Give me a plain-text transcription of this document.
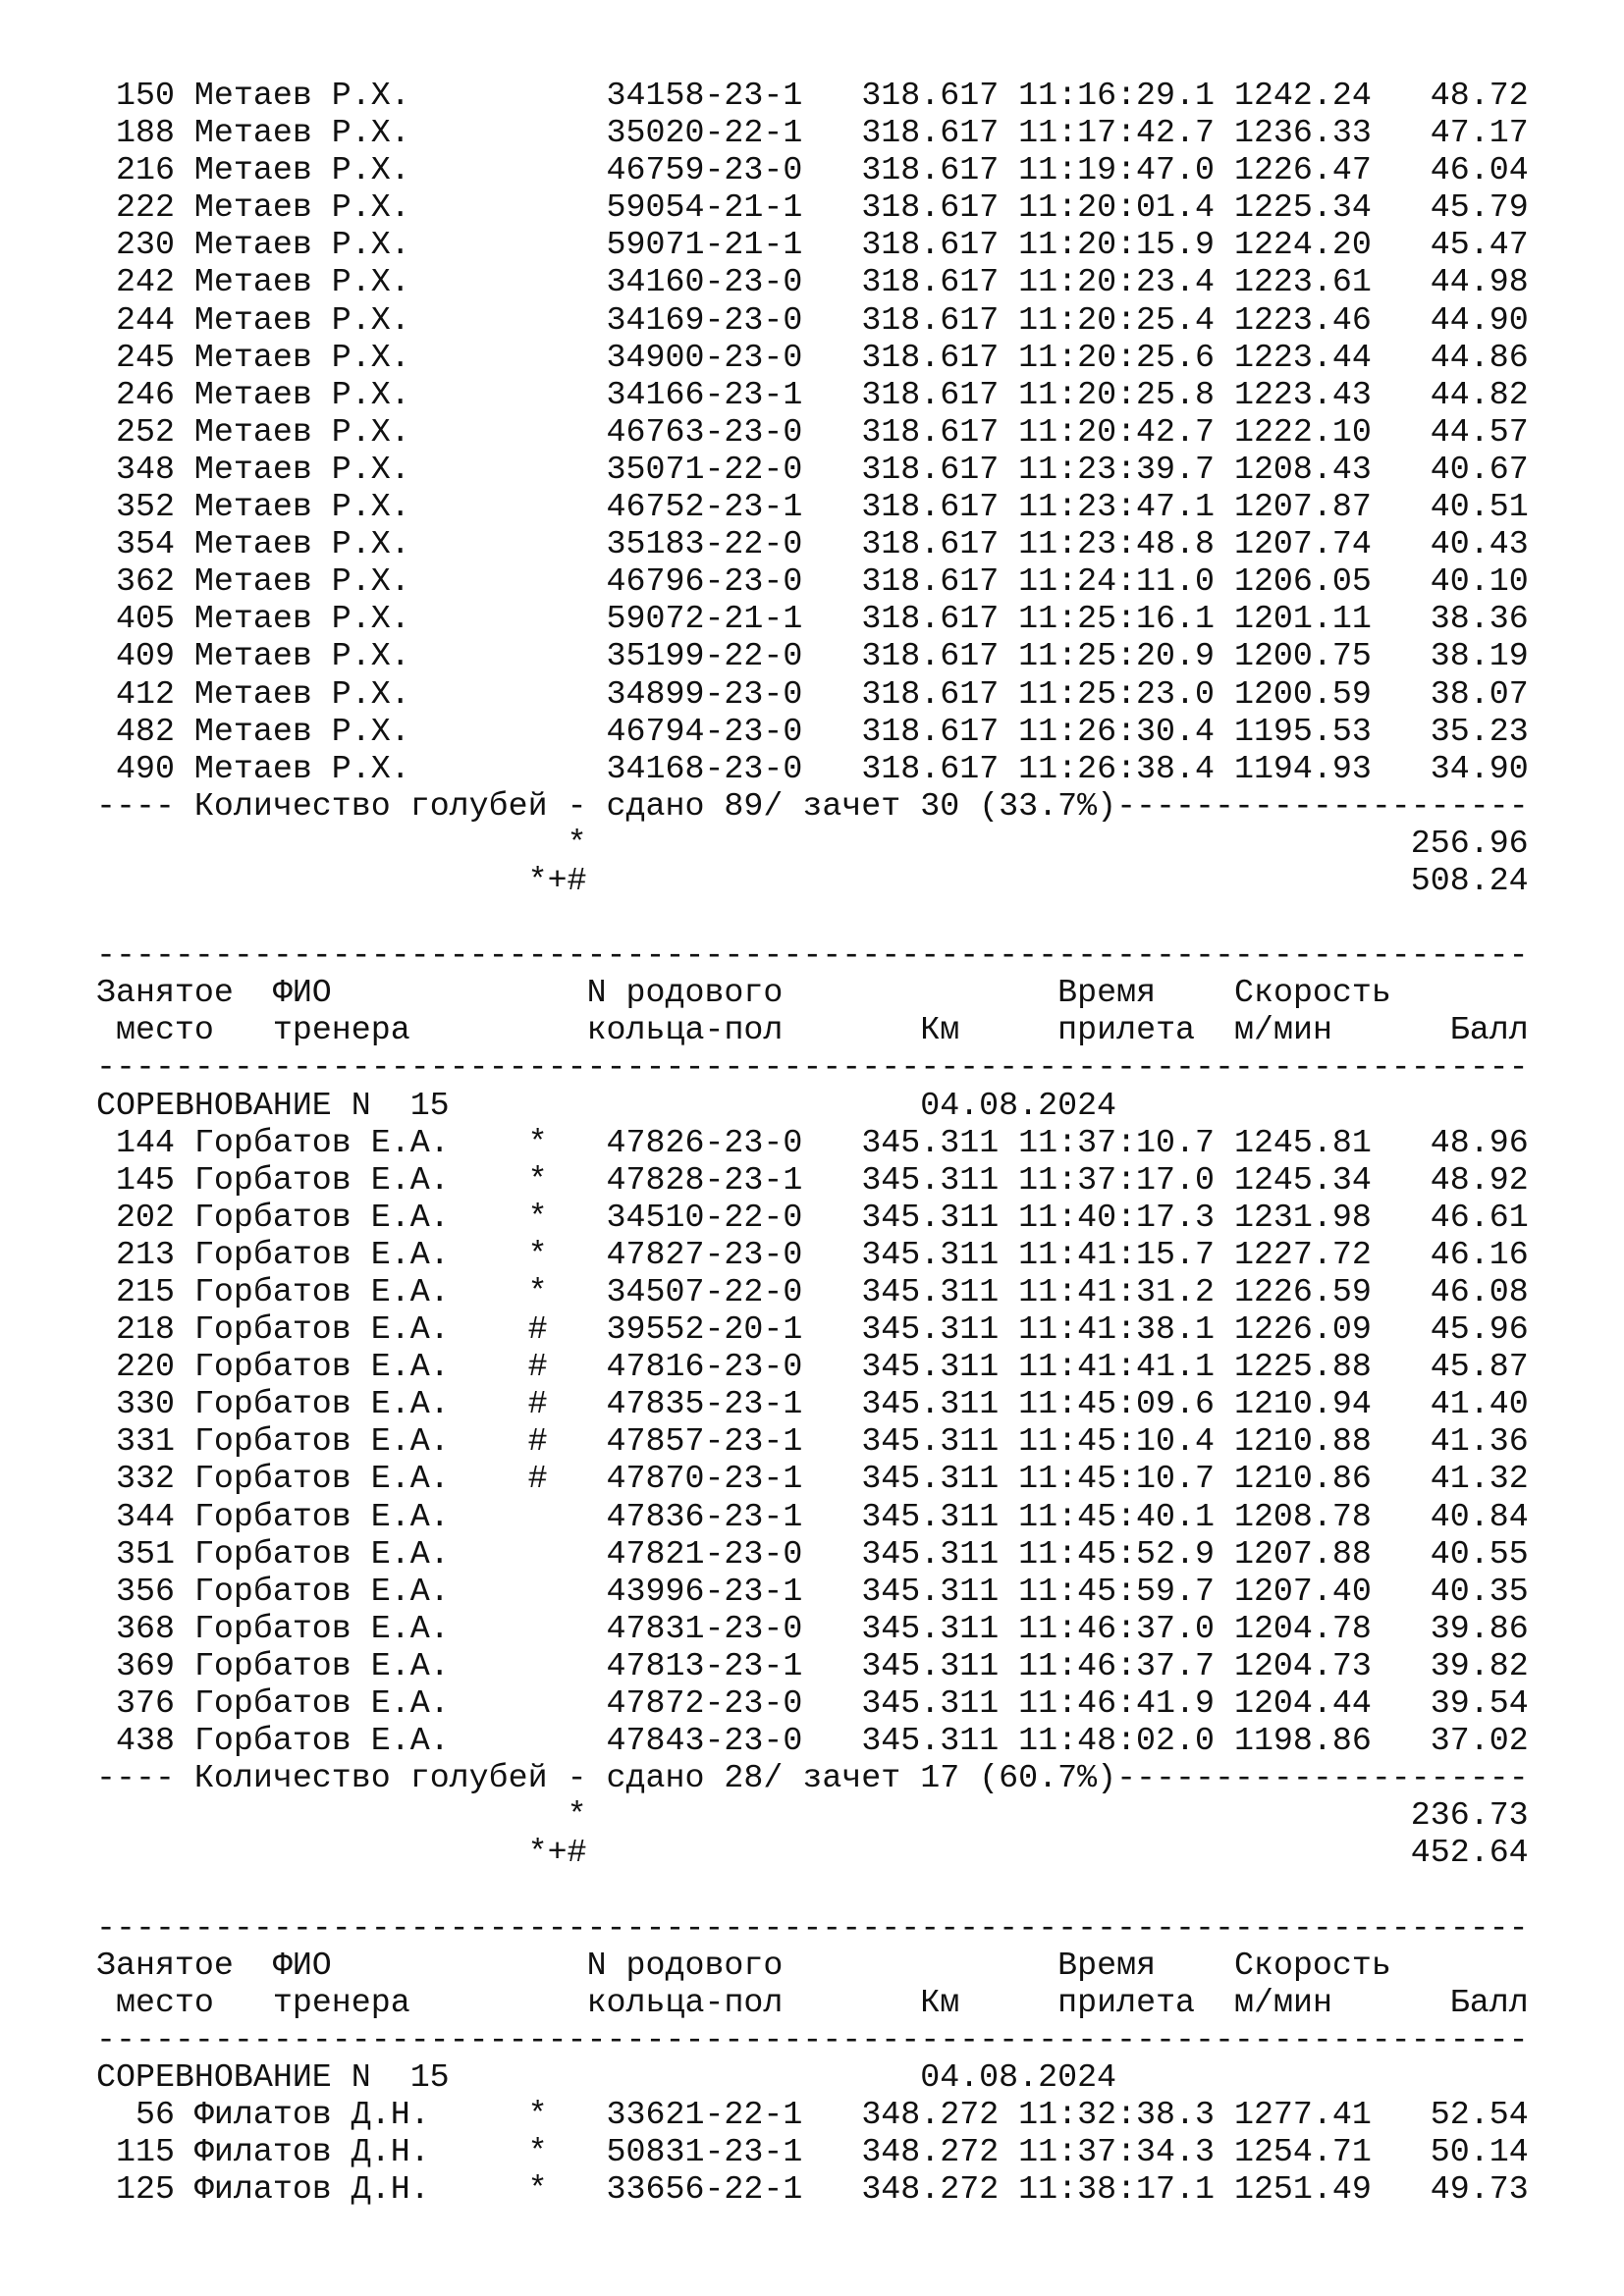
150 Метаев Р.Х.          34158-23-1   318.617 11:16:29.1 1242.24   48.72
188 Метаев Р.Х.          35020-22-1   318.617 11:17:42.7 1236.33   47.17
216 Метаев Р.Х.          46759-23-0   318.617 11:19:47.0 1226.47   46.04
222 Метаев Р.Х.          59054-21-1   318.617 11:20:01.4 1225.34   45.79
230 Метаев Р.Х.          59071-21-1   318.617 11:20:15.9 1224.20   45.47
242 Метаев Р.Х.          34160-23-0   318.617 11:20:23.4 1223.61   44.98
244 Метаев Р.Х.          34169-23-0   318.617 11:20:25.4 1223.46   44.90
245 Метаев Р.Х.          34900-23-0   318.617 11:20:25.6 1223.44   44.86
246 Метаев Р.Х.          34166-23-1   318.617 11:20:25.8 1223.43   44.82
252 Метаев Р.Х.          46763-23-0   318.617 11:20:42.7 1222.10   44.57
348 Метаев Р.Х.          35071-22-0   318.617 11:23:39.7 1208.43   40.67
352 Метаев Р.Х.          46752-23-1   318.617 11:23:47.1 1207.87   40.51
354 Метаев Р.Х.          35183-22-0   318.617 11:23:48.8 1207.74   40.43
362 Метаев Р.Х.          46796-23-0   318.617 11:24:11.0 1206.05   40.10
405 Метаев Р.Х.          59072-21-1   318.617 11:25:16.1 1201.11   38.36
409 Метаев Р.Х.          35199-22-0   318.617 11:25:20.9 1200.75   38.19
412 Метаев Р.Х.          34899-23-0   318.617 11:25:23.0 1200.59   38.07
482 Метаев Р.Х.          46794-23-0   318.617 11:26:30.4 1195.53   35.23
490 Метаев Р.Х.          34168-23-0   318.617 11:26:38.4 1194.93   34.90
---- Количество голубей - сдано 89/ зачет 30 (33.7%)---------------------
*	256.96
*+#	508.24

-------------------------------------------------------------------------
Занятое ФИО	N родового	Время Скорость
место тренера	кольца-пол	Км	прилета м/мин	Балл
-------------------------------------------------------------------------
СОРЕВНОВАНИЕ N  15                        04.08.2024
144 Горбатов Е.А.    *   47826-23-0   345.311 11:37:10.7 1245.81   48.96
145 Горбатов Е.А.    *   47828-23-1   345.311 11:37:17.0 1245.34   48.92
202 Горбатов Е.А.    *   34510-22-0   345.311 11:40:17.3 1231.98   46.61
213 Горбатов Е.А.    *   47827-23-0   345.311 11:41:15.7 1227.72   46.16
215 Горбатов Е.А.    *   34507-22-0   345.311 11:41:31.2 1226.59   46.08
218 Горбатов Е.А.    #   39552-20-1   345.311 11:41:38.1 1226.09   45.96
220 Горбатов Е.А.    #   47816-23-0   345.311 11:41:41.1 1225.88   45.87
330 Горбатов Е.А.    #   47835-23-1   345.311 11:45:09.6 1210.94   41.40
331 Горбатов Е.А.    #   47857-23-1   345.311 11:45:10.4 1210.88   41.36
332 Горбатов Е.А.    #   47870-23-1   345.311 11:45:10.7 1210.86   41.32
344 Горбатов Е.А.        47836-23-1   345.311 11:45:40.1 1208.78   40.84
351 Горбатов Е.А.        47821-23-0   345.311 11:45:52.9 1207.88   40.55
356 Горбатов Е.А.        43996-23-1   345.311 11:45:59.7 1207.40   40.35
368 Горбатов Е.А.        47831-23-0   345.311 11:46:37.0 1204.78   39.86
369 Горбатов Е.А.        47813-23-1   345.311 11:46:37.7 1204.73   39.82
376 Горбатов Е.А.        47872-23-0   345.311 11:46:41.9 1204.44   39.54
438 Горбатов Е.А.        47843-23-0   345.311 11:48:02.0 1198.86   37.02
---- Количество голубей - сдано 28/ зачет 17 (60.7%)---------------------
*	236.73
*+#	452.64

-------------------------------------------------------------------------
Занятое ФИО	N родового	Время Скорость
место тренера	кольца-пол	Км	прилета м/мин	Балл
-------------------------------------------------------------------------
СОРЕВНОВАНИЕ N  15                        04.08.2024
56 Филатов Д.Н.     *   33621-22-1   348.272 11:32:38.3 1277.41   52.54
115 Филатов Д.Н.     *   50831-23-1   348.272 11:37:34.3 1254.71   50.14
125 Филатов Д.Н.     *   33656-22-1   348.272 11:38:17.1 1251.49   49.73
